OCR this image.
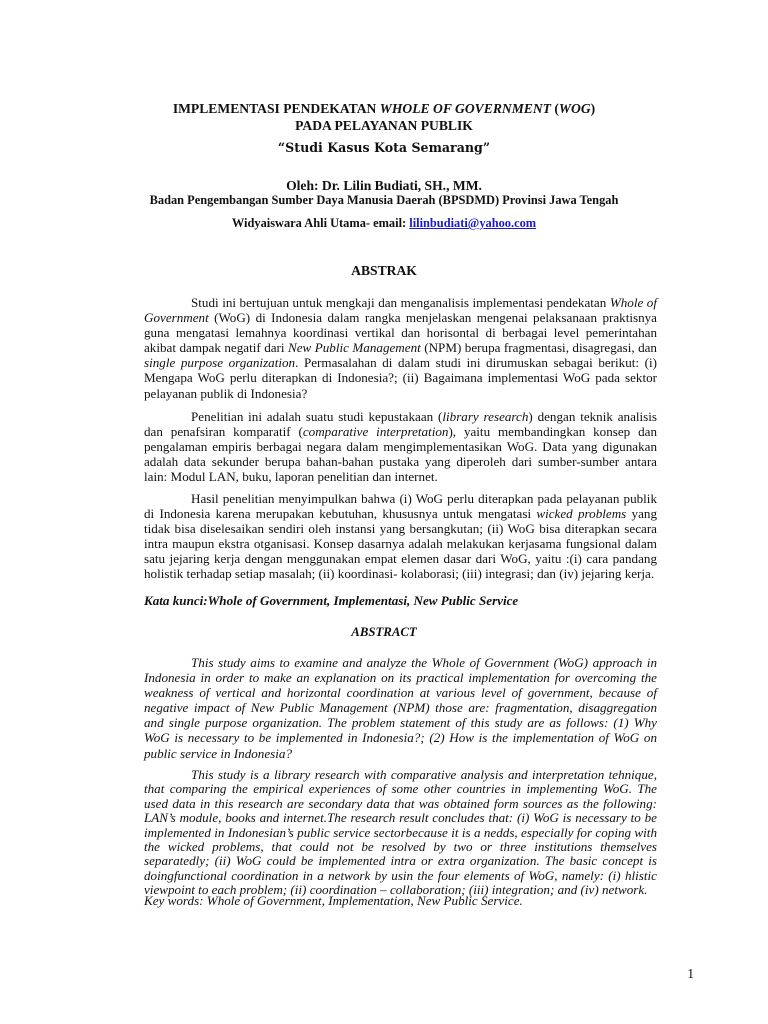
IMPLEMENTASI PENDEKATAN WHOLE OF GOVERNMENT (WOG)
PADA PELAYANAN PUBLIK
“Studi Kasus Kota Semarang”
Oleh: Dr. Lilin Budiati, SH., MM.
Badan Pengembangan Sumber Daya Manusia Daerah (BPSDMD) Provinsi Jawa Tengah
Widyaiswara Ahli Utama- email: lilinbudiati@yahoo.com
ABSTRAK
Studi ini bertujuan untuk mengkaji dan menganalisis implementasi pendekatan Whole of Government (WoG) di Indonesia dalam rangka menjelaskan mengenai pelaksanaan praktisnya guna mengatasi lemahnya koordinasi vertikal dan horisontal di berbagai level pemerintahan akibat dampak negatif dari New Public Management (NPM) berupa fragmentasi, disagregasi, dan single purpose organization. Permasalahan di dalam studi ini dirumuskan sebagai berikut: (i) Mengapa WoG perlu diterapkan di Indonesia?; (ii) Bagaimana implementasi WoG pada sektor pelayanan publik di Indonesia?
Penelitian ini adalah suatu studi kepustakaan (library research) dengan teknik analisis dan penafsiran komparatif (comparative interpretation), yaitu membandingkan konsep dan pengalaman empiris berbagai negara dalam mengimplementasikan WoG. Data yang digunakan adalah data sekunder berupa bahan-bahan pustaka yang diperoleh dari sumber-sumber antara lain: Modul LAN, buku, laporan penelitian dan internet.
Hasil penelitian menyimpulkan bahwa (i) WoG perlu diterapkan pada pelayanan publik di Indonesia karena merupakan kebutuhan, khususnya untuk mengatasi wicked problems yang tidak bisa diselesaikan sendiri oleh instansi yang bersangkutan; (ii) WoG bisa diterapkan secara intra maupun ekstra otganisasi. Konsep dasarnya adalah melakukan kerjasama fungsional dalam satu jejaring kerja dengan menggunakan empat elemen dasar dari WoG, yaitu :(i) cara pandang holistik terhadap setiap masalah; (ii) koordinasi- kolaborasi; (iii) integrasi; dan (iv) jejaring kerja.
Kata kunci:Whole of Government, Implementasi, New Public Service
ABSTRACT
This study aims to examine and analyze the Whole of Government (WoG) approach in Indonesia in order to make an explanation on its practical implementation for overcoming the weakness of vertical and horizontal coordination at various level of government, because of negative impact of New Public Management (NPM) those are: fragmentation, disaggregation and single purpose organization. The problem statement of this study are as follows: (1) Why WoG is necessary to be implemented in Indonesia?; (2) How is the implementation of WoG on public service in Indonesia?
This study is a library research with comparative analysis and interpretation tehnique, that comparing the empirical experiences of some other countries in implementing WoG. The used data in this research are secondary data that was obtained form sources as the following: LAN’s module, books and internet.The research result concludes that: (i) WoG is necessary to be implemented in Indonesian’s public service sectorbecause it is a nedds, especially for coping with the wicked problems, that could not be resolved by two or three institutions themselves separatedly; (ii) WoG could be implemented intra or extra organization. The basic concept is doingfunctional coordination in a network by usin the four elements of WoG, namely: (i) hlistic viewpoint to each problem; (ii) coordination – collaboration; (iii) integration; and (iv) network.
Key words: Whole of Government, Implementation, New Public Service.
1
